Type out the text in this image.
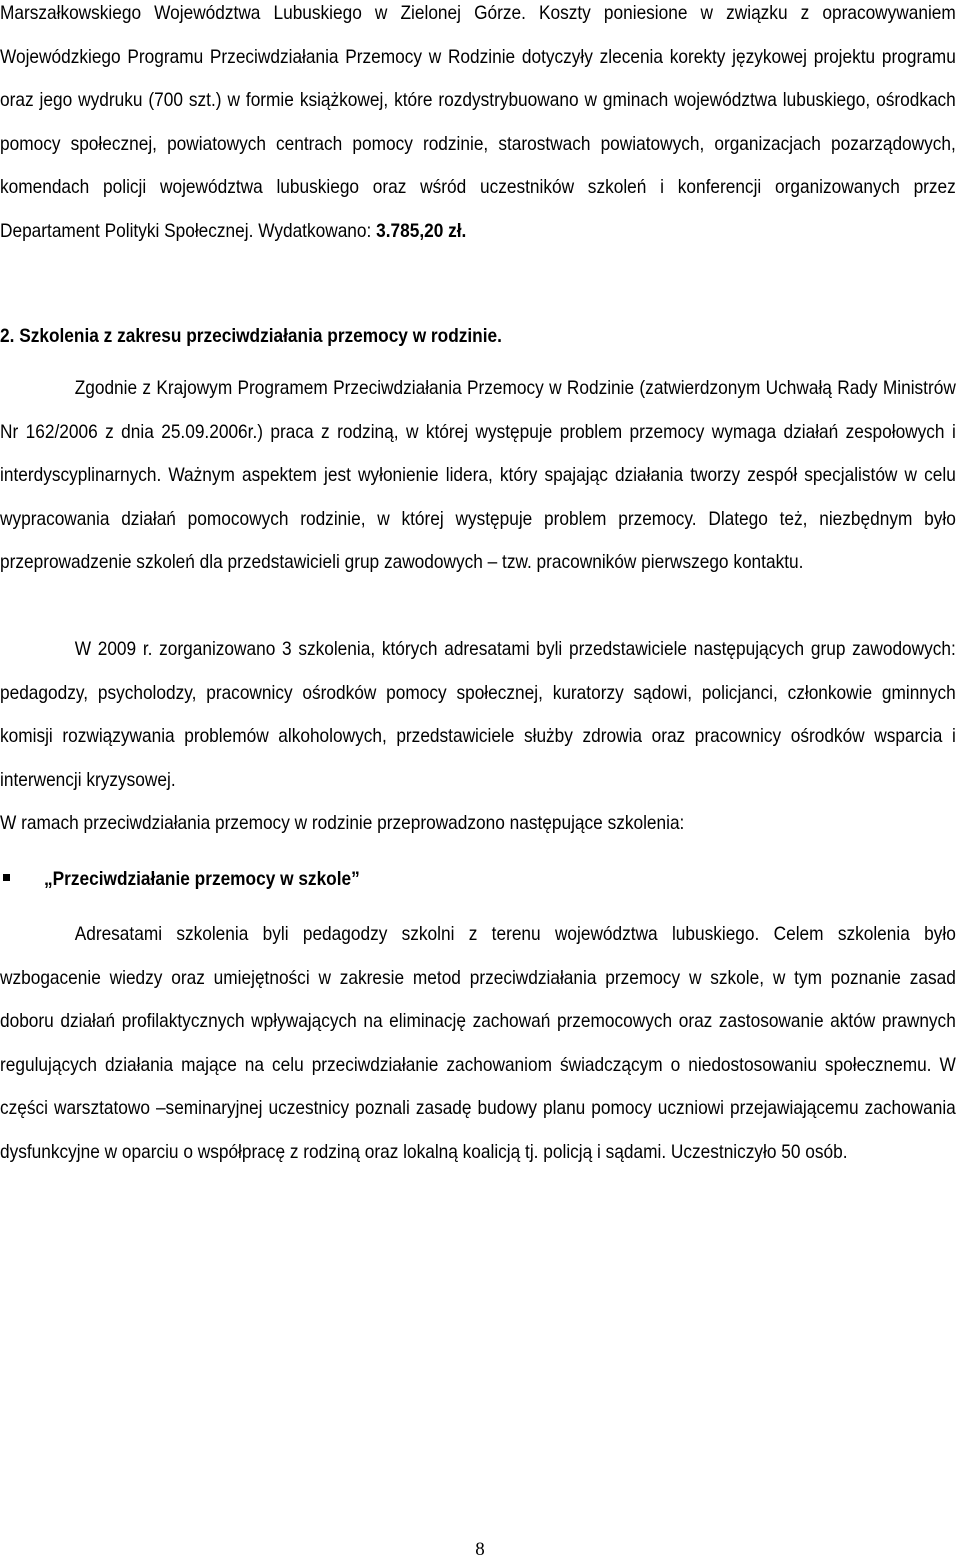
Marszałkowskiego Województwa Lubuskiego w Zielonej Górze. Koszty poniesione w związku z opracowywaniem Wojewódzkiego Programu Przeciwdziałania Przemocy w Rodzinie dotyczyły zlecenia korekty językowej projektu programu oraz jego wydruku (700 szt.) w formie książkowej, które rozdystrybuowano w gminach województwa lubuskiego, ośrodkach pomocy społecznej, powiatowych centrach pomocy rodzinie, starostwach powiatowych, organizacjach pozarządowych, komendach policji województwa lubuskiego oraz wśród uczestników szkoleń i konferencji organizowanych przez Departament Polityki Społecznej. Wydatkowano: 3.785,20 zł.

2. Szkolenia z zakresu przeciwdziałania przemocy w rodzinie.

Zgodnie z Krajowym Programem Przeciwdziałania Przemocy w Rodzinie (zatwierdzonym Uchwałą Rady Ministrów Nr 162/2006 z dnia 25.09.2006r.) praca z rodziną, w której występuje problem przemocy wymaga działań zespołowych i interdyscyplinarnych. Ważnym aspektem jest wyłonienie lidera, który spajając działania tworzy zespół specjalistów w celu wypracowania działań pomocowych rodzinie, w której występuje problem przemocy. Dlatego też, niezbędnym było przeprowadzenie szkoleń dla przedstawicieli grup zawodowych – tzw. pracowników pierwszego kontaktu.

W 2009 r. zorganizowano 3 szkolenia, których adresatami byli przedstawiciele następujących grup zawodowych: pedagodzy, psycholodzy, pracownicy ośrodków pomocy społecznej, kuratorzy sądowi, policjanci, członkowie gminnych komisji rozwiązywania problemów alkoholowych, przedstawiciele służby zdrowia oraz pracownicy ośrodków wsparcia i interwencji kryzysowej.

W ramach przeciwdziałania przemocy w rodzinie przeprowadzono następujące szkolenia:

„Przeciwdziałanie przemocy w szkole”

Adresatami szkolenia byli pedagodzy szkolni z terenu województwa lubuskiego. Celem szkolenia było wzbogacenie wiedzy oraz umiejętności w zakresie metod przeciwdziałania przemocy w szkole, w tym poznanie zasad doboru działań profilaktycznych wpływających na eliminację zachowań przemocowych oraz zastosowanie aktów prawnych regulujących działania mające na celu przeciwdziałanie zachowaniom świadczącym o niedostosowaniu społecznemu. W części warsztatowo –seminaryjnej uczestnicy poznali zasadę budowy planu pomocy uczniowi przejawiającemu zachowania dysfunkcyjne w oparciu o współpracę z rodziną oraz lokalną koalicją tj. policją i sądami. Uczestniczyło 50 osób.

8
